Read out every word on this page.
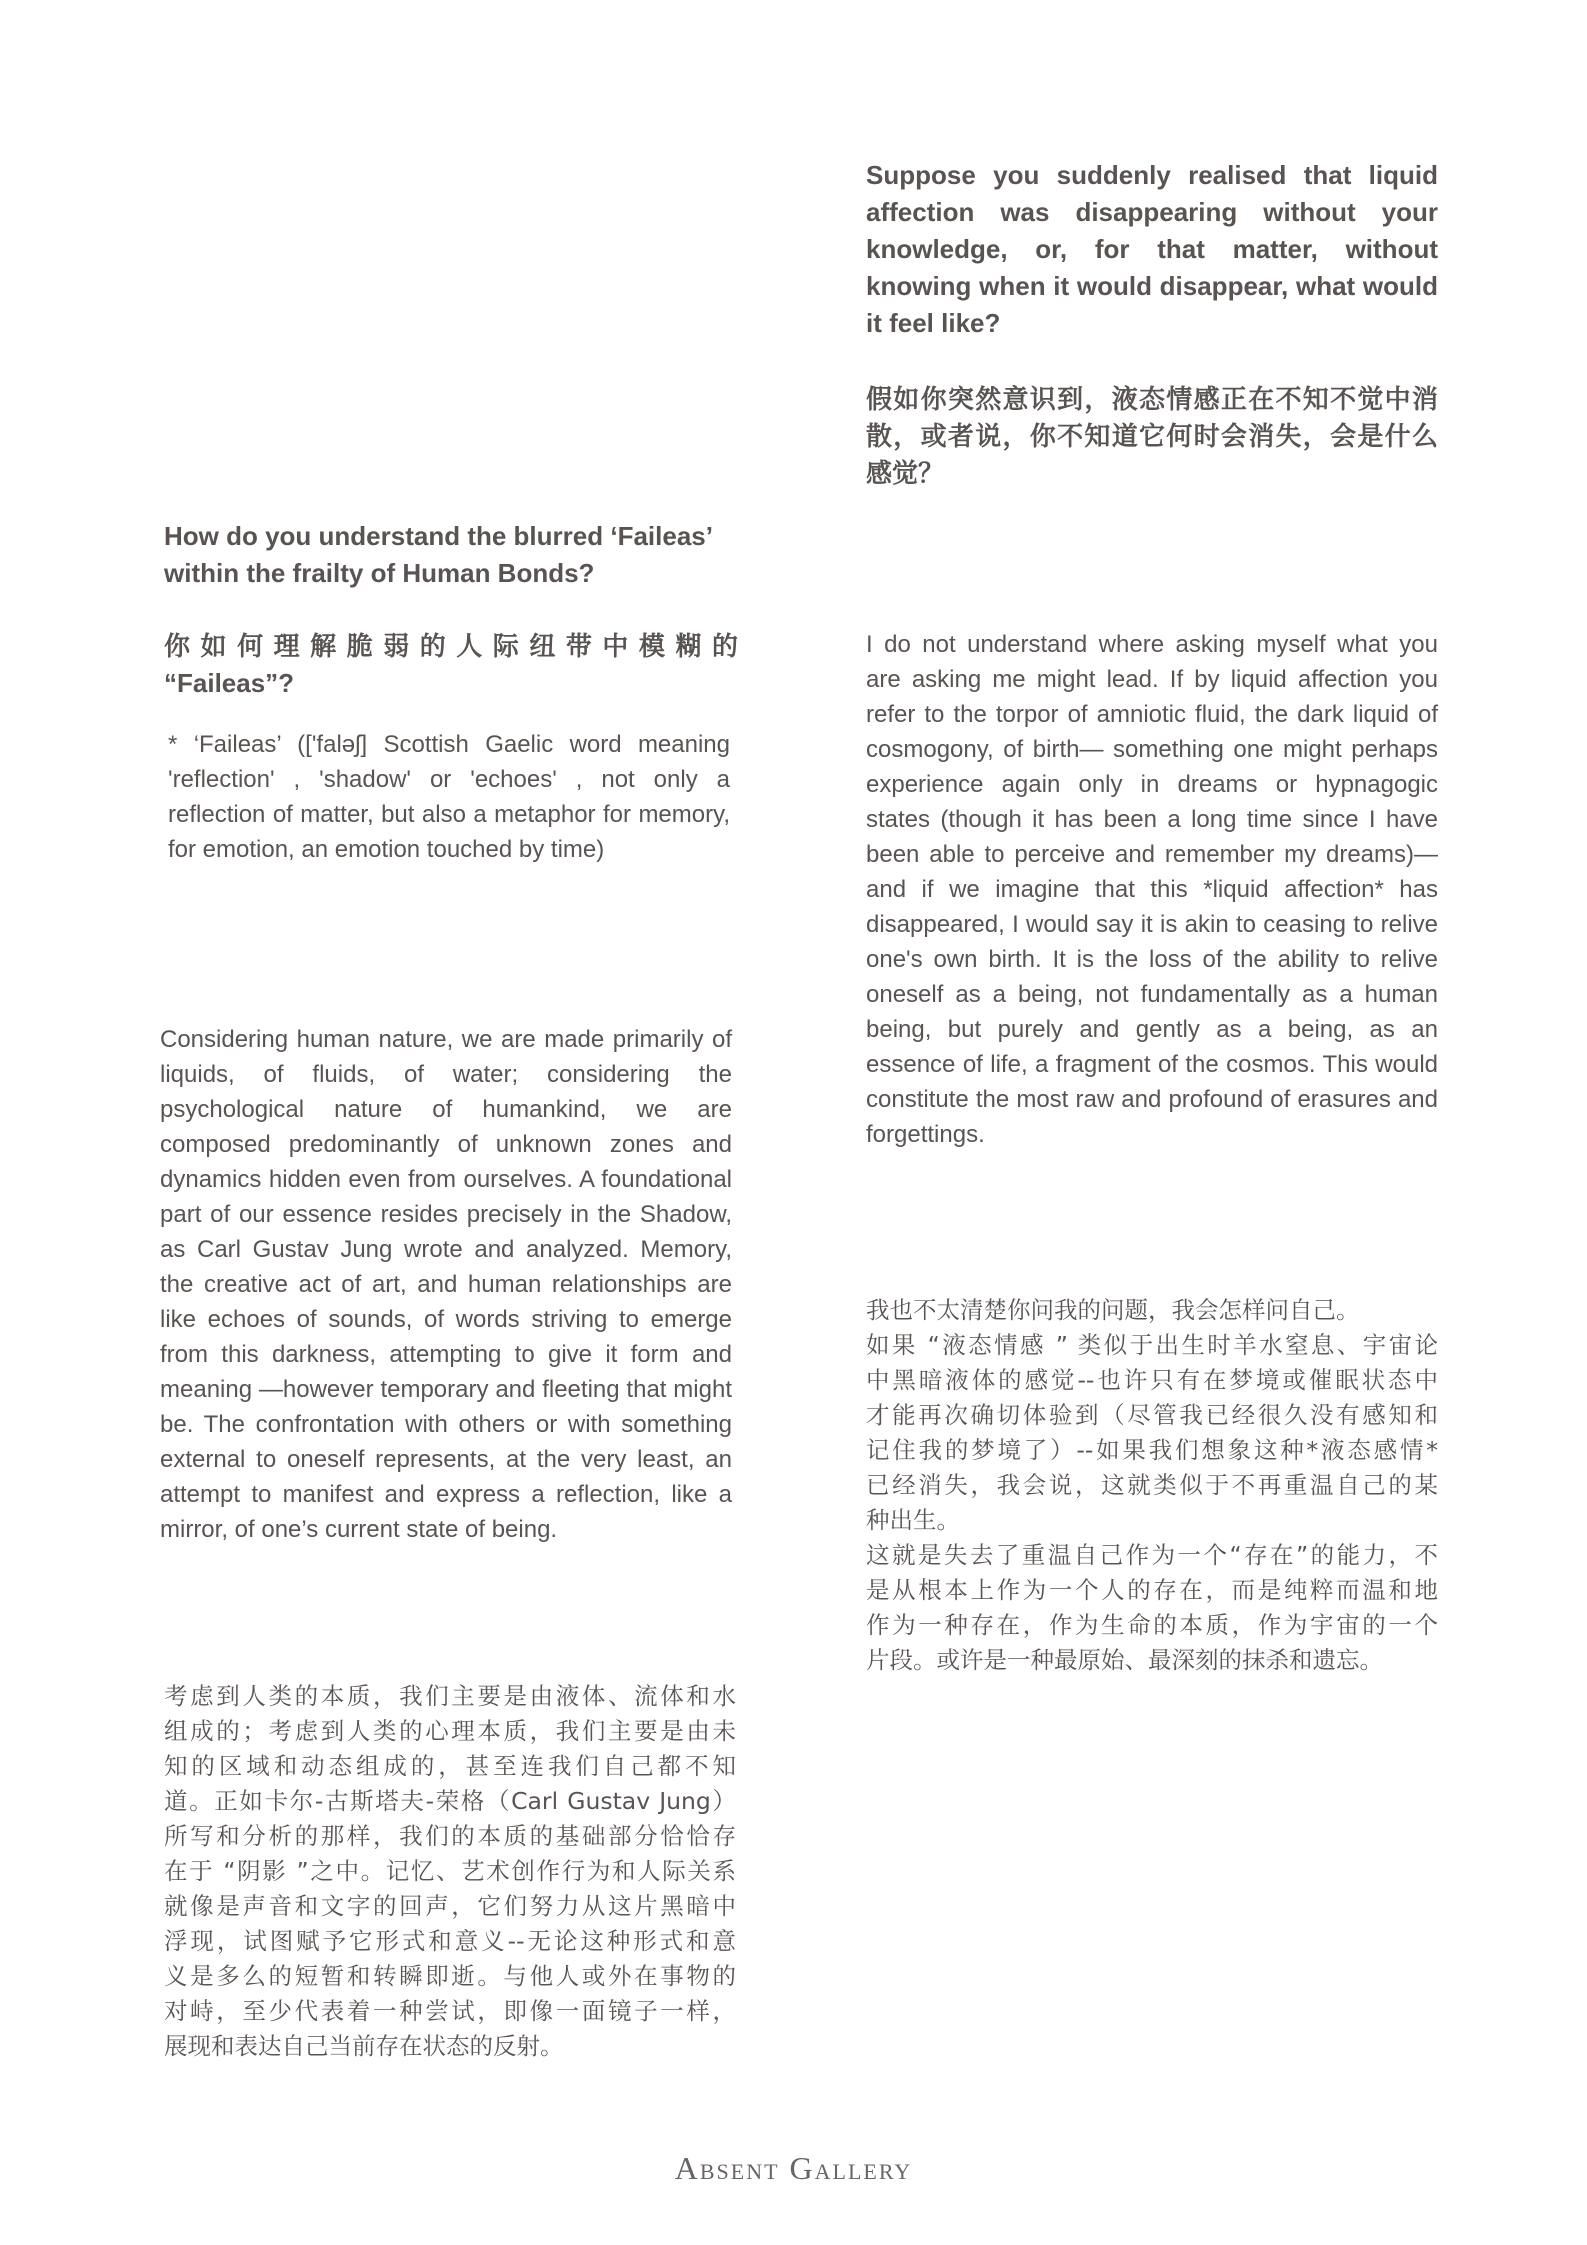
Suppose you suddenly realised that liquid affection was disappearing without your knowledge, or, for that matter, without knowing when it would disappear, what would it feel like?
假如你突然意识到，液态情感正在不知不觉中消
散，或者说，你不知道它何时会消失，会是什么
感觉？
I do not understand where asking myself what you are asking me might lead. If by liquid affection you refer to the torpor of amniotic fluid, the dark liquid of cosmogony, of birth— something one might perhaps experience again only in dreams or hypnagogic states (though it has been a long time since I have been able to perceive and remember my dreams)—and if we imagine that this *liquid affection* has disappeared, I would say it is akin to ceasing to relive one's own birth. It is the loss of the ability to relive oneself as a being, not fundamentally as a human being, but purely and gently as a being, as an essence of life, a fragment of the cosmos. This would constitute the most raw and profound of erasures and forgettings.
我也不太清楚你问我的问题，我会怎样问自己。
如果 “液态情感 ” 类似于出生时羊水窒息、宇宙论
中黑暗液体的感觉--也许只有在梦境或催眠状态中
才能再次确切体验到（尽管我已经很久没有感知和
记住我的梦境了）--如果我们想象这种*液态感情*
已经消失，我会说，这就类似于不再重温自己的某
种出生。
这就是失去了重温自己作为一个“存在”的能力，不
是从根本上作为一个人的存在，而是纯粹而温和地
作为一种存在，作为生命的本质，作为宇宙的一个
片段。或许是一种最原始、最深刻的抹杀和遗忘。
How do you understand the blurred ‘Faileas’ within the frailty of Human Bonds?
你如何理解脆弱的人际纽带中模糊的
“Faileas”?
* ‘Faileas’ (['faləʃ] Scottish Gaelic word meaning 'reflection' , 'shadow' or 'echoes' , not only a reflection of matter, but also a metaphor for memory, for emotion, an emotion touched by time)
Considering human nature, we are made primarily of liquids, of fluids, of water; considering the psychological nature of humankind, we are composed predominantly of unknown zones and dynamics hidden even from ourselves. A foundational part of our essence resides precisely in the Shadow, as Carl Gustav Jung wrote and analyzed. Memory, the creative act of art, and human relationships are like echoes of sounds, of words striving to emerge from this darkness, attempting to give it form and meaning —however temporary and fleeting that might be. The confrontation with others or with something external to oneself represents, at the very least, an attempt to manifest and express a reflection, like a mirror, of one’s current state of being.
考虑到人类的本质，我们主要是由液体、流体和水
组成的；考虑到人类的心理本质，我们主要是由未
知的区域和动态组成的，甚至连我们自己都不知
道。正如卡尔-古斯塔夫-荣格（Carl Gustav Jung）
所写和分析的那样，我们的本质的基础部分恰恰存
在于 “阴影 ”之中。记忆、艺术创作行为和人际关系
就像是声音和文字的回声，它们努力从这片黑暗中
浮现，试图赋予它形式和意义--无论这种形式和意
义是多么的短暂和转瞬即逝。与他人或外在事物的
对峙，至少代表着一种尝试，即像一面镜子一样，
展现和表达自己当前存在状态的反射。
Absent Gallery
